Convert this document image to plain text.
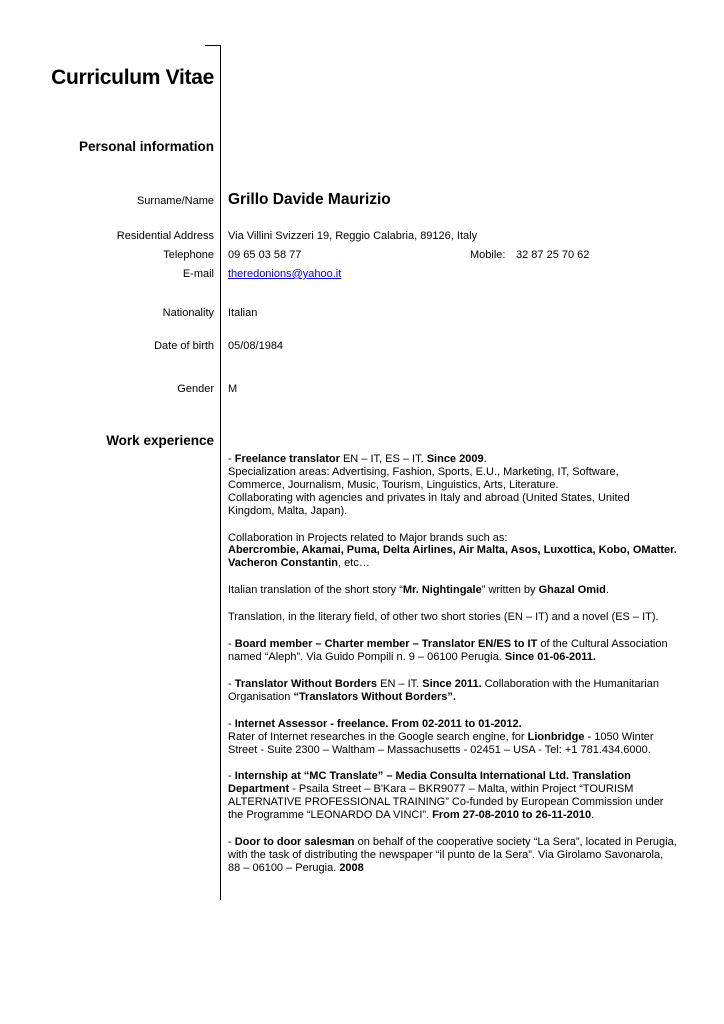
Curriculum Vitae
Personal information
Surname/Name Grillo Davide Maurizio
Residential Address Via Villini Svizzeri 19, Reggio Calabria, 89126, Italy
Telephone 09 65 03 58 77	Mobile: 32 87 25 70 62
E-mail theredonions@yahoo.it
Nationality Italian
Date of birth 05/08/1984
Gender M
Work experience

- Freelance translator EN – IT, ES – IT. Since 2009.
Specialization areas: Advertising, Fashion, Sports, E.U., Marketing, IT, Software, Commerce, Journalism, Music, Tourism, Linguistics, Arts, Literature.
Collaborating with agencies and privates in Italy and abroad (United States, United Kingdom, Malta, Japan).

Collaboration in Projects related to Major brands such as:
Abercrombie, Akamai, Puma, Delta Airlines, Air Malta, Asos, Luxottica, Kobo, OMatter. Vacheron Constantin, etc…

Italian translation of the short story “Mr. Nightingale” written by Ghazal Omid.

Translation, in the literary field, of other two short stories (EN – IT) and a novel (ES – IT).

- Board member – Charter member – Translator EN/ES to IT of the Cultural Association named “Aleph”. Via Guido Pompili n. 9 – 06100 Perugia. Since 01-06-2011.

- Translator Without Borders EN – IT. Since 2011. Collaboration with the Humanitarian Organisation “Translators Without Borders”.

- Internet Assessor - freelance. From 02-2011 to 01-2012.
Rater of Internet researches in the Google search engine, for Lionbridge - 1050 Winter Street - Suite 2300 – Waltham – Massachusetts - 02451 – USA - Tel: +1 781.434.6000.

- Internship at “MC Translate” – Media Consulta International Ltd. Translation Department - Psaila Street – B'Kara – BKR9077 – Malta, within Project “TOURISM ALTERNATIVE PROFESSIONAL TRAINING” Co-funded by European Commission under the Programme “LEONARDO DA VINCI”. From 27-08-2010 to 26-11-2010.

- Door to door salesman on behalf of the cooperative society “La Sera”, located in Perugia, with the task of distributing the newspaper “il punto de la Sera”. Via Girolamo Savonarola, 88 – 06100 – Perugia. 2008
